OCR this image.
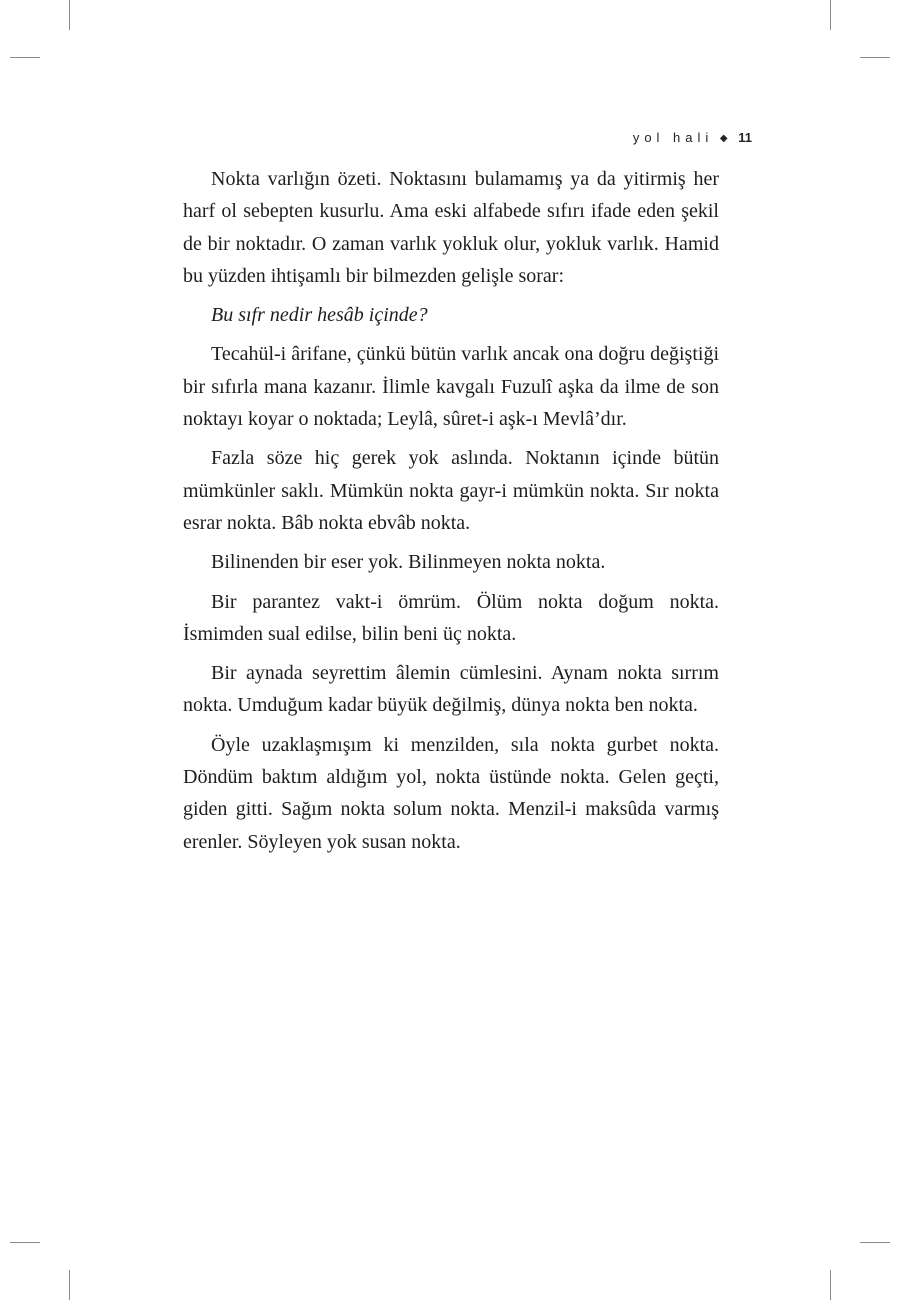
yol hali ◆ 11

Nokta varlığın özeti. Noktasını bulamamış ya da yitirmiş her harf ol sebepten kusurlu. Ama eski alfabede sıfırı ifade eden şekil de bir noktadır. O zaman varlık yokluk olur, yokluk varlık. Hamid bu yüzden ihtişamlı bir bilmezden gelişle sorar:

Bu sıfr nedir hesâb içinde?

Tecahül-i ârifane, çünkü bütün varlık ancak ona doğru değiştiği bir sıfırla mana kazanır. İlimle kavgalı Fuzulî aşka da ilme de son noktayı koyar o noktada; Leylâ, sûret-i aşk-ı Mevlâ’dır.

Fazla söze hiç gerek yok aslında. Noktanın içinde bütün mümkünler saklı. Mümkün nokta gayr-i mümkün nokta. Sır nokta esrar nokta. Bâb nokta ebvâb nokta.

Bilinenden bir eser yok. Bilinmeyen nokta nokta.

Bir parantez vakt-i ömrüm. Ölüm nokta doğum nokta. İsmimden sual edilse, bilin beni üç nokta.

Bir aynada seyrettim âlemin cümlesini. Aynam nokta sırrım nokta. Umduğum kadar büyük değilmiş, dünya nokta ben nokta.

Öyle uzaklaşmışım ki menzilden, sıla nokta gurbet nokta. Döndüm baktım aldığım yol, nokta üstünde nokta. Gelen geçti, giden gitti. Sağım nokta solum nokta. Menzil-i maksûda varmış erenler. Söyleyen yok susan nokta.
